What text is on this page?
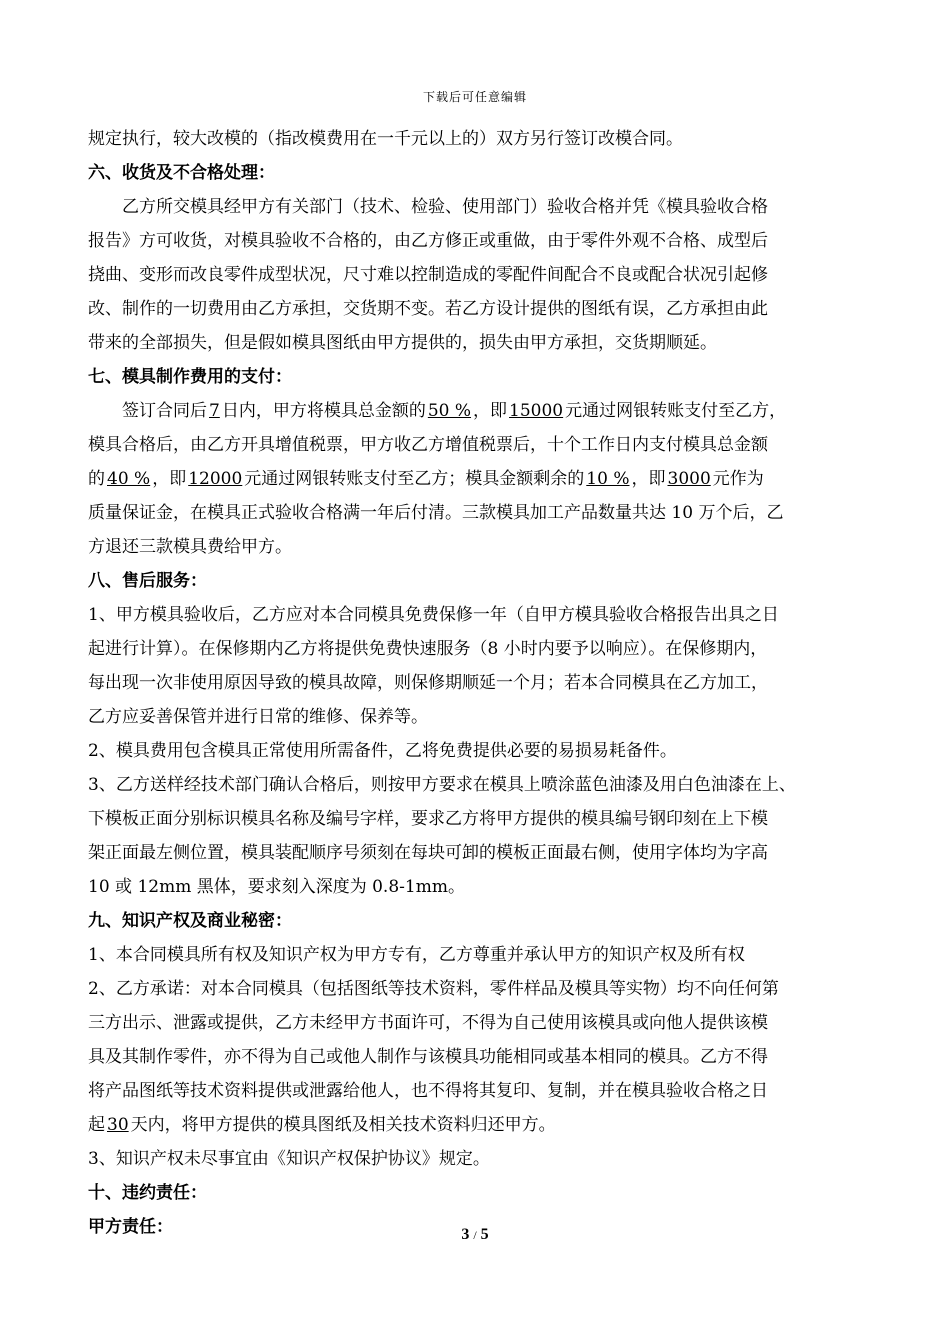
下载后可任意编辑
规定执行，较大改模的（指改模费用在一千元以上的）双方另行签订改模合同。
六、收货及不合格处理：
乙方所交模具经甲方有关部门（技术、检验、使用部门）验收合格并凭《模具验收合格
报告》方可收货，对模具验收不合格的，由乙方修正或重做，由于零件外观不合格、成型后
挠曲、变形而改良零件成型状况，尺寸难以控制造成的零配件间配合不良或配合状况引起修
改、制作的一切费用由乙方承担，交货期不变。若乙方设计提供的图纸有误，乙方承担由此
带来的全部损失，但是假如模具图纸由甲方提供的，损失由甲方承担，交货期顺延。
七、模具制作费用的支付：
签订合同后 7 日内，甲方将模具总金额的 50 % ，即 15000 元通过网银转账支付至乙方，
模具合格后，由乙方开具增值税票，甲方收乙方增值税票后，十个工作日内支付模具总金额
的 40 % ，即 12000 元通过网银转账支付至乙方；模具金额剩余的 10 % ，即 3000 元作为
质量保证金，在模具正式验收合格满一年后付清。三款模具加工产品数量共达 10 万个后，乙
方退还三款模具费给甲方。
八、售后服务：
1、甲方模具验收后，乙方应对本合同模具免费保修一年（自甲方模具验收合格报告出具之日
起进行计算）。在保修期内乙方将提供免费快速服务（8 小时内要予以响应）。在保修期内，
每出现一次非使用原因导致的模具故障，则保修期顺延一个月；若本合同模具在乙方加工，
乙方应妥善保管并进行日常的维修、保养等。
2、模具费用包含模具正常使用所需备件，乙将免费提供必要的易损易耗备件。
3、乙方送样经技术部门确认合格后，则按甲方要求在模具上喷涂蓝色油漆及用白色油漆在上、
下模板正面分别标识模具名称及编号字样，要求乙方将甲方提供的模具编号钢印刻在上下模
架正面最左侧位置，模具装配顺序号须刻在每块可卸的模板正面最右侧，使用字体均为字高
10 或 12mm 黑体，要求刻入深度为 0.8-1mm。
九、知识产权及商业秘密：
1、本合同模具所有权及知识产权为甲方专有，乙方尊重并承认甲方的知识产权及所有权
2、乙方承诺：对本合同模具（包括图纸等技术资料，零件样品及模具等实物）均不向任何第
三方出示、泄露或提供，乙方未经甲方书面许可，不得为自己使用该模具或向他人提供该模
具及其制作零件，亦不得为自己或他人制作与该模具功能相同或基本相同的模具。乙方不得
将产品图纸等技术资料提供或泄露给他人，也不得将其复印、复制，并在模具验收合格之日
起 30 天内，将甲方提供的模具图纸及相关技术资料归还甲方。
3、知识产权未尽事宜由《知识产权保护协议》规定。
十、违约责任：
甲方责任：	3 / 5
